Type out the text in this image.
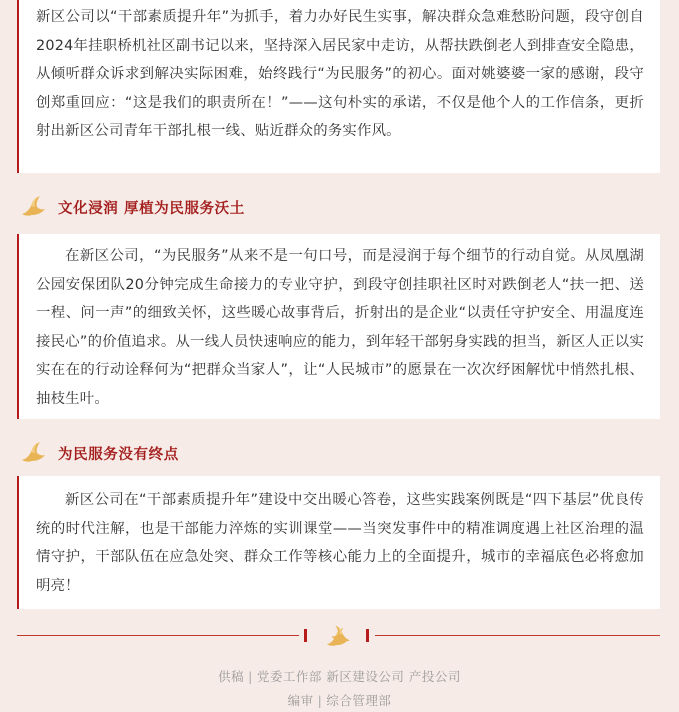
新区公司以“干部素质提升年”为抓手，着力办好民生实事，解决群众急难愁盼问题，段守创自2024年挂职桥机社区副书记以来，坚持深入居民家中走访，从帮扶跌倒老人到排查安全隐患，从倾听群众诉求到解决实际困难，始终践行“为民服务”的初心。面对姚婆婆一家的感谢，段守创郑重回应：“这是我们的职责所在！”——这句朴实的承诺，不仅是他个人的工作信条，更折射出新区公司青年干部扎根一线、贴近群众的务实作风。

文化浸润 厚植为民服务沃土

在新区公司，“为民服务”从来不是一句口号，而是浸润于每个细节的行动自觉。从凤凰湖公园安保团队20分钟完成生命接力的专业守护，到段守创挂职社区时对跌倒老人“扶一把、送一程、问一声”的细致关怀，这些暖心故事背后，折射出的是企业“以责任守护安全、用温度连接民心”的价值追求。从一线人员快速响应的能力，到年轻干部躬身实践的担当，新区人正以实实在在的行动诠释何为“把群众当家人”，让“人民城市”的愿景在一次次纾困解忧中悄然扎根、抽枝生叶。

为民服务没有终点

新区公司在“干部素质提升年”建设中交出暖心答卷，这些实践案例既是“四下基层”优良传统的时代注解，也是干部能力淬炼的实训课堂——当突发事件中的精准调度遇上社区治理的温情守护，干部队伍在应急处突、群众工作等核心能力上的全面提升，城市的幸福底色必将愈加明亮！

供稿 | 党委工作部 新区建设公司 产投公司
编审 | 综合管理部
